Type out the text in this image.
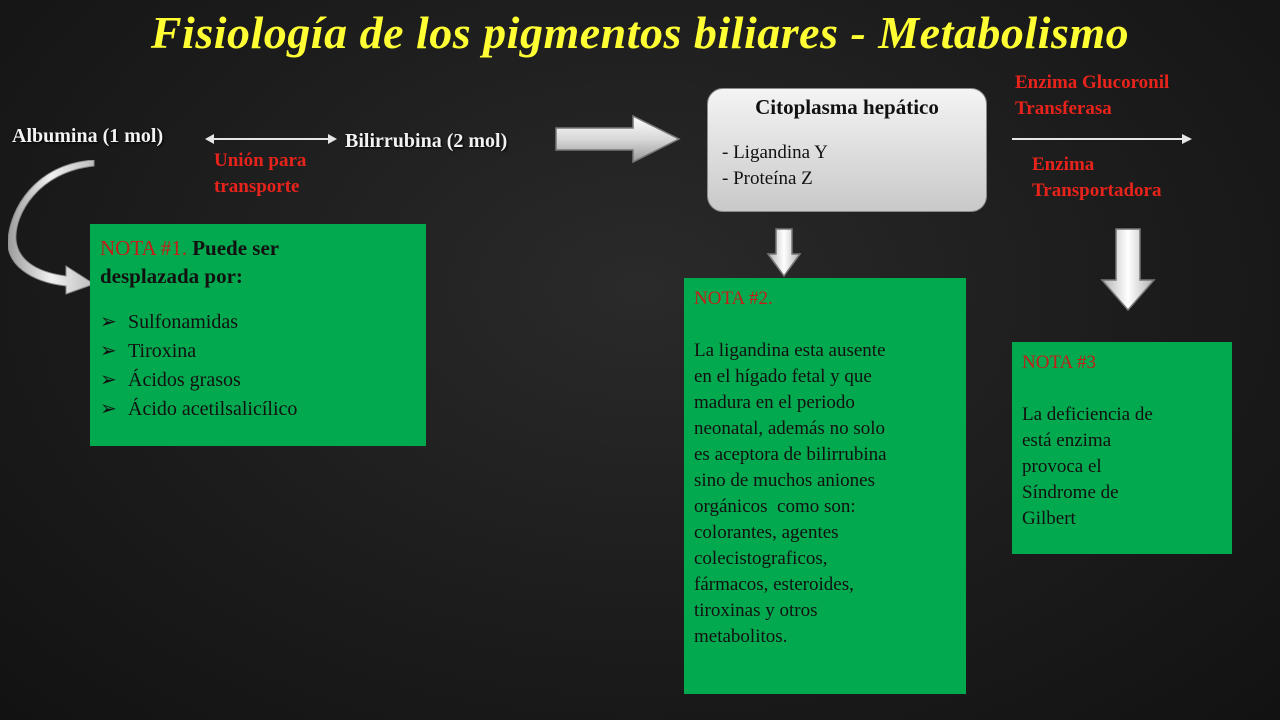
Fisiología de los pigmentos biliares - Metabolismo
Albumina (1 mol)	Bilirrubina (2 mol)
Unión para
transporte
Citoplasma hepático
- Ligandina Y
- Proteína Z
Enzima Glucoronil
Transferasa
Enzima
Transportadora
NOTA #1. Puede ser
desplazada por:
➢ Sulfonamidas
➢ Tiroxina
➢ Ácidos grasos
➢ Ácido acetilsalicílico
NOTA #2.
La ligandina esta ausente
en el hígado fetal y que
madura en el periodo
neonatal, además no solo
es aceptora de bilirrubina
sino de muchos aniones
orgánicos  como son:
colorantes, agentes
colecistograficos,
fármacos, esteroides,
tiroxinas y otros
metabolitos.
NOTA #3
La deficiencia de
está enzima
provoca el
Síndrome de
Gilbert
